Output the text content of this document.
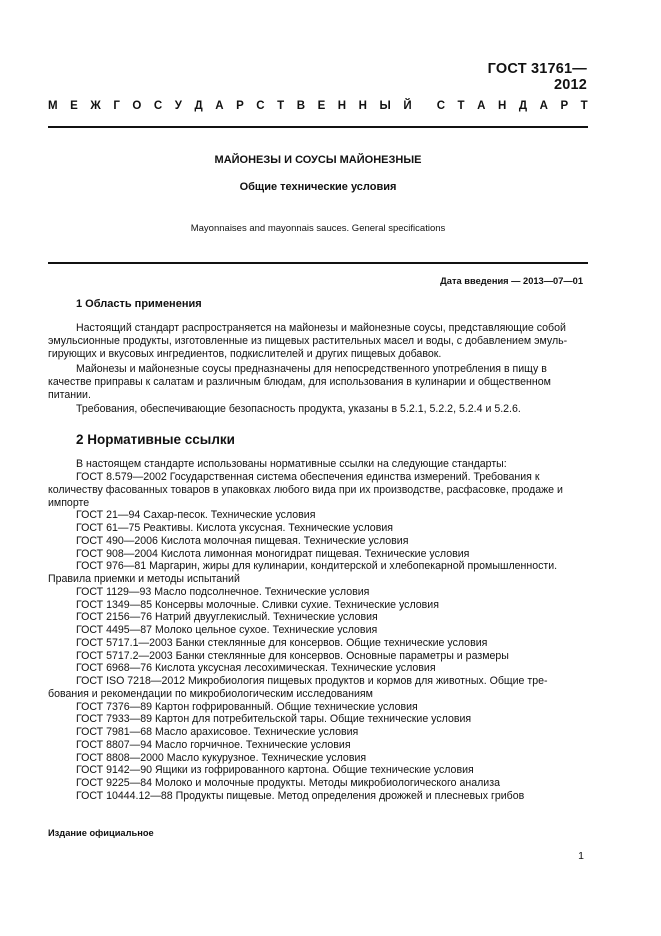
ГОСТ 31761—2012
М Е Ж Г О С У Д А Р С Т В Е Н Н Ы Й С Т А Н Д А Р Т
МАЙОНЕЗЫ И СОУСЫ МАЙОНЕЗНЫЕ
Общие технические условия
Mayonnaises and mayonnais sauces. General specifications
Дата введения — 2013—07—01
1 Область применения
Настоящий стандарт распространяется на майонезы и майонезные соусы, представляющие собой
эмульсионные продукты, изготовленные из пищевых растительных масел и воды, с добавлением эмуль-
гирующих и вкусовых ингредиентов, подкислителей и других пищевых добавок.
Майонезы и майонезные соусы предназначены для непосредственного употребления в пищу в
качестве приправы к салатам и различным блюдам, для использования в кулинарии и общественном
питании.
Требования, обеспечивающие безопасность продукта, указаны в 5.2.1, 5.2.2, 5.2.4 и 5.2.6.
2 Нормативные ссылки
В настоящем стандарте использованы нормативные ссылки на следующие стандарты:
ГОСТ 8.579—2002 Государственная система обеспечения единства измерений. Требования к
количеству фасованных товаров в упаковках любого вида при их производстве, расфасовке, продаже и
импорте
ГОСТ 21—94 Сахар-песок. Технические условия
ГОСТ 61—75 Реактивы. Кислота уксусная. Технические условия
ГОСТ 490—2006 Кислота молочная пищевая. Технические условия
ГОСТ 908—2004 Кислота лимонная моногидрат пищевая. Технические условия
ГОСТ 976—81 Маргарин, жиры для кулинарии, кондитерской и хлебопекарной промышленности.
Правила приемки и методы испытаний
ГОСТ 1129—93 Масло подсолнечное. Технические условия
ГОСТ 1349—85 Консервы молочные. Сливки сухие. Технические условия
ГОСТ 2156—76 Натрий двууглекислый. Технические условия
ГОСТ 4495—87 Молоко цельное сухое. Технические условия
ГОСТ 5717.1—2003 Банки стеклянные для консервов. Общие технические условия
ГОСТ 5717.2—2003 Банки стеклянные для консервов. Основные параметры и размеры
ГОСТ 6968—76 Кислота уксусная лесохимическая. Технические условия
ГОСТ ISO 7218—2012 Микробиология пищевых продуктов и кормов для животных. Общие тре-
бования и рекомендации по микробиологическим исследованиям
ГОСТ 7376—89 Картон гофрированный. Общие технические условия
ГОСТ 7933—89 Картон для потребительской тары. Общие технические условия
ГОСТ 7981—68 Масло арахисовое. Технические условия
ГОСТ 8807—94 Масло горчичное. Технические условия
ГОСТ 8808—2000 Масло кукурузное. Технические условия
ГОСТ 9142—90 Ящики из гофрированного картона. Общие технические условия
ГОСТ 9225—84 Молоко и молочные продукты. Методы микробиологического анализа
ГОСТ 10444.12—88 Продукты пищевые. Метод определения дрожжей и плесневых грибов
Издание официальное
1
